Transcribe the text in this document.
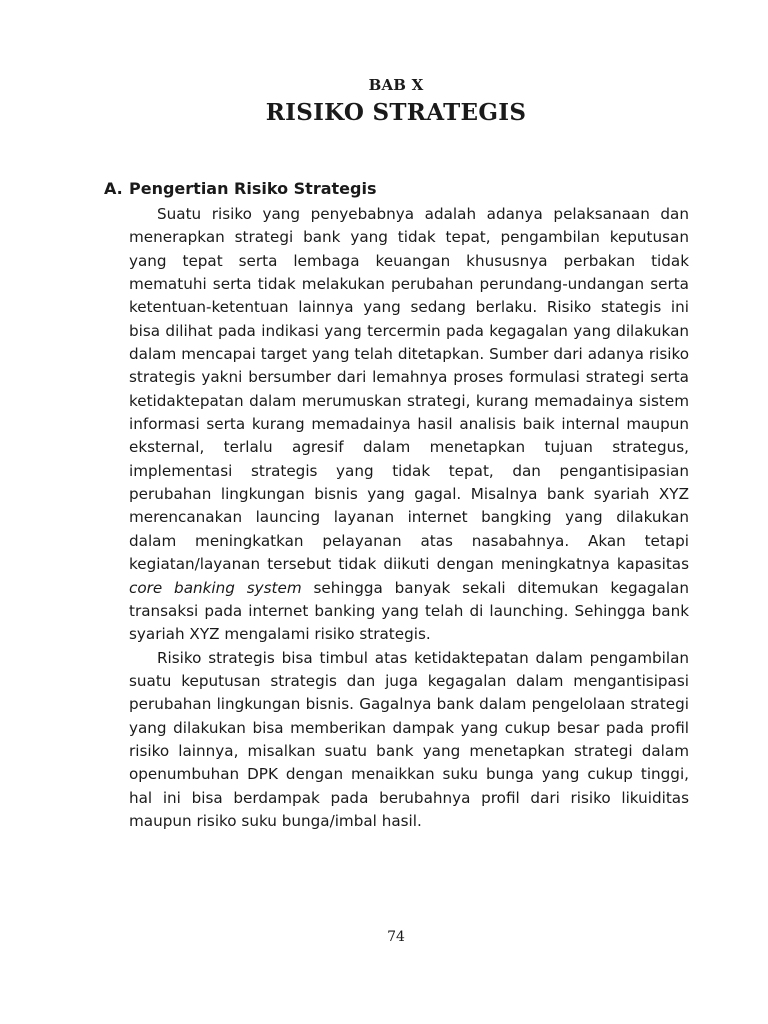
BAB X
RISIKO STRATEGIS
A. Pengertian Risiko Strategis

Suatu risiko yang penyebabnya adalah adanya pelaksanaan dan menerapkan strategi bank yang tidak tepat, pengambilan keputusan yang tepat serta lembaga keuangan khususnya perbakan tidak mematuhi serta tidak melakukan perubahan perundang-undangan serta ketentuan-ketentuan lainnya yang sedang berlaku. Risiko stategis ini bisa dilihat pada indikasi yang tercermin pada kegagalan yang dilakukan dalam mencapai target yang telah ditetapkan. Sumber dari adanya risiko strategis yakni bersumber dari lemahnya proses formulasi strategi serta ketidaktepatan dalam merumuskan strategi, kurang memadainya sistem informasi serta kurang memadainya hasil analisis baik internal maupun eksternal, terlalu agresif dalam menetapkan tujuan strategus, implementasi strategis yang tidak tepat, dan pengantisipasian perubahan lingkungan bisnis yang gagal. Misalnya bank syariah XYZ merencanakan launcing layanan internet bangking yang dilakukan dalam meningkatkan pelayanan atas nasabahnya. Akan tetapi kegiatan/layanan tersebut tidak diikuti dengan meningkatnya kapasitas core banking system sehingga banyak sekali ditemukan kegagalan transaksi pada internet banking yang telah di launching. Sehingga bank syariah XYZ mengalami risiko strategis.

Risiko strategis bisa timbul atas ketidaktepatan dalam pengambilan suatu keputusan strategis dan juga kegagalan dalam mengantisipasi perubahan lingkungan bisnis. Gagalnya bank dalam pengelolaan strategi yang dilakukan bisa memberikan dampak yang cukup besar pada profil risiko lainnya, misalkan suatu bank yang menetapkan strategi dalam openumbuhan DPK dengan menaikkan suku bunga yang cukup tinggi, hal ini bisa berdampak pada berubahnya profil dari risiko likuiditas maupun risiko suku bunga/imbal hasil.

74
